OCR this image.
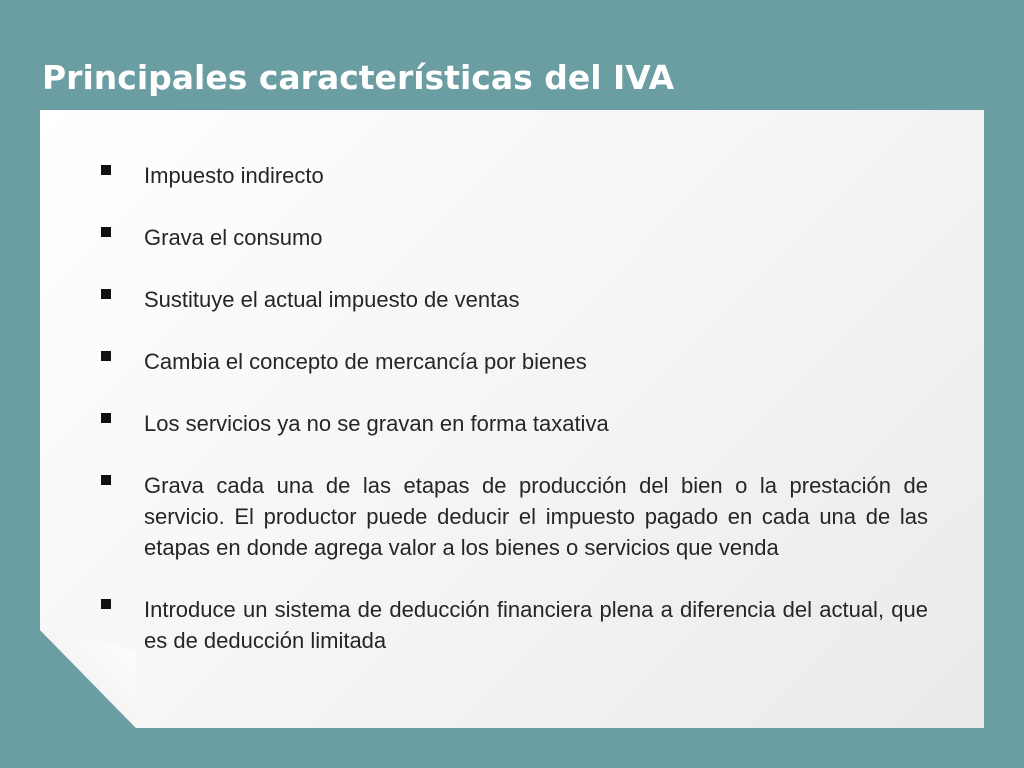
Principales características del IVA
Impuesto indirecto
Grava el consumo
Sustituye el actual impuesto de ventas
Cambia el concepto de mercancía por bienes
Los servicios ya no se gravan en forma taxativa
Grava cada una de las etapas de producción del bien o la prestación de servicio. El productor puede deducir el impuesto pagado en cada una de las etapas en donde agrega valor a los bienes o servicios que venda
Introduce un sistema de deducción financiera plena a diferencia del actual, que es de deducción limitada
